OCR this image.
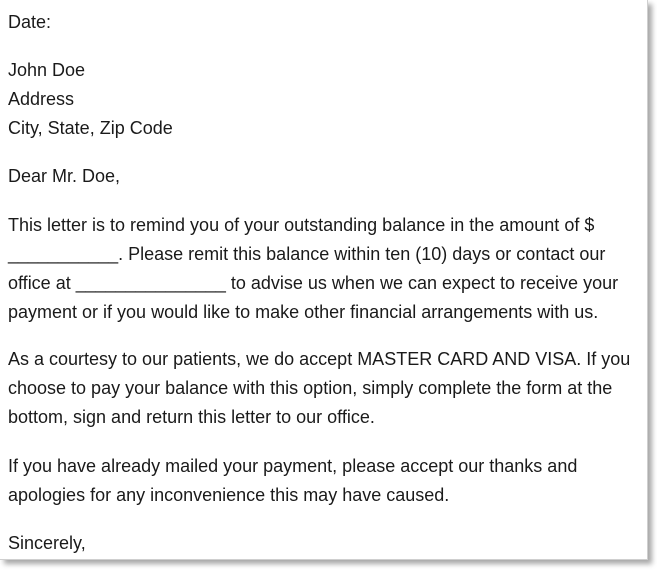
Date:

John Doe
Address
City, State, Zip Code

Dear Mr. Doe,

This letter is to remind you of your outstanding balance in the amount of $
___________. Please remit this balance within ten (10) days or contact our
office at _______________ to advise us when we can expect to receive your
payment or if you would like to make other financial arrangements with us.

As a courtesy to our patients, we do accept MASTER CARD AND VISA. If you
choose to pay your balance with this option, simply complete the form at the
bottom, sign and return this letter to our office.

If you have already mailed your payment, please accept our thanks and
apologies for any inconvenience this may have caused.

Sincerely,
